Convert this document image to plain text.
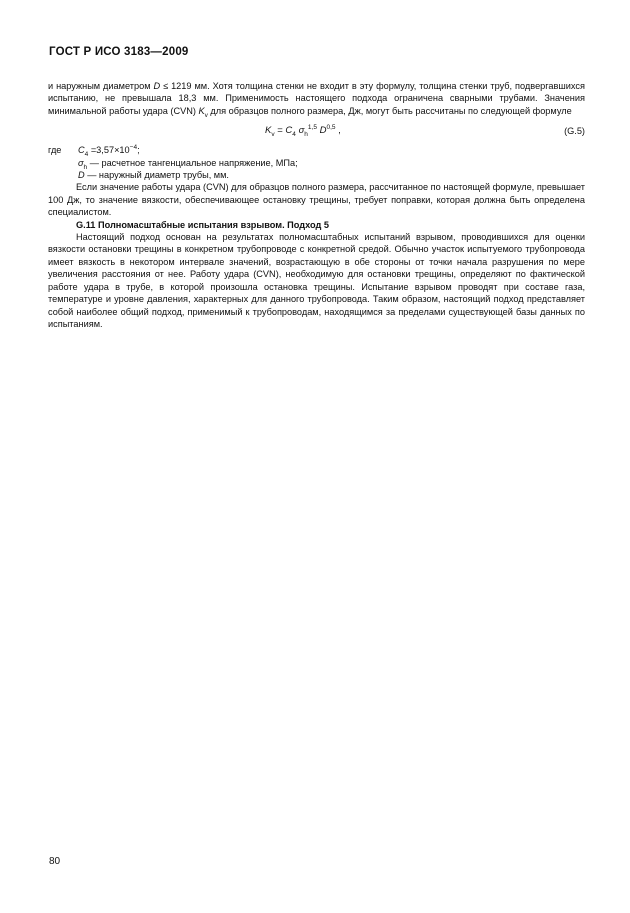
ГОСТ Р ИСО 3183—2009

и наружным диаметром D ≤ 1219 мм. Хотя толщина стенки не входит в эту формулу, толщина стенки труб, подвергавшихся испытанию, не превышала 18,3 мм. Применимость настоящего подхода ограничена сварными трубами. Значения минимальной работы удара (CVN) $K_v$ для образцов полного размера, Дж, могут быть рассчитаны по следующей формуле

$K_v = C_4$ $\sigma_h^{1,5}$ D$^{0,5}$ ,	(G.5)
где $C_4 =3,57\times 10^{-4}$;
$\sigma_h$ — расчетное тангенциальное напряжение, МПа;
D — наружный диаметр трубы, мм.

Если значение работы удара (CVN) для образцов полного размера, рассчитанное по настоящей формуле, превышает 100 Дж, то значение вязкости, обеспечивающее остановку трещины, требует поправки, которая должна быть определена специалистом.

G.11 Полномасштабные испытания взрывом. Подход 5

Настоящий подход основан на результатах полномасштабных испытаний взрывом, проводившихся для оценки вязкости остановки трещины в конкретном трубопроводе с конкретной средой. Обычно участок испытуемого трубопровода имеет вязкость в некотором интервале значений, возрастающую в обе стороны от точки начала разрушения по мере увеличения расстояния от нее. Работу удара (CVN), необходимую для остановки трещины, определяют по фактической работе удара в трубе, в которой произошла остановка трещины. Испытание взрывом проводят при составе газа, температуре и уровне давления, характерных для данного трубопровода. Таким образом, настоящий подход представляет собой наиболее общий подход, применимый к трубопроводам, находящимся за пределами существующей базы данных по испытаниям.

80
